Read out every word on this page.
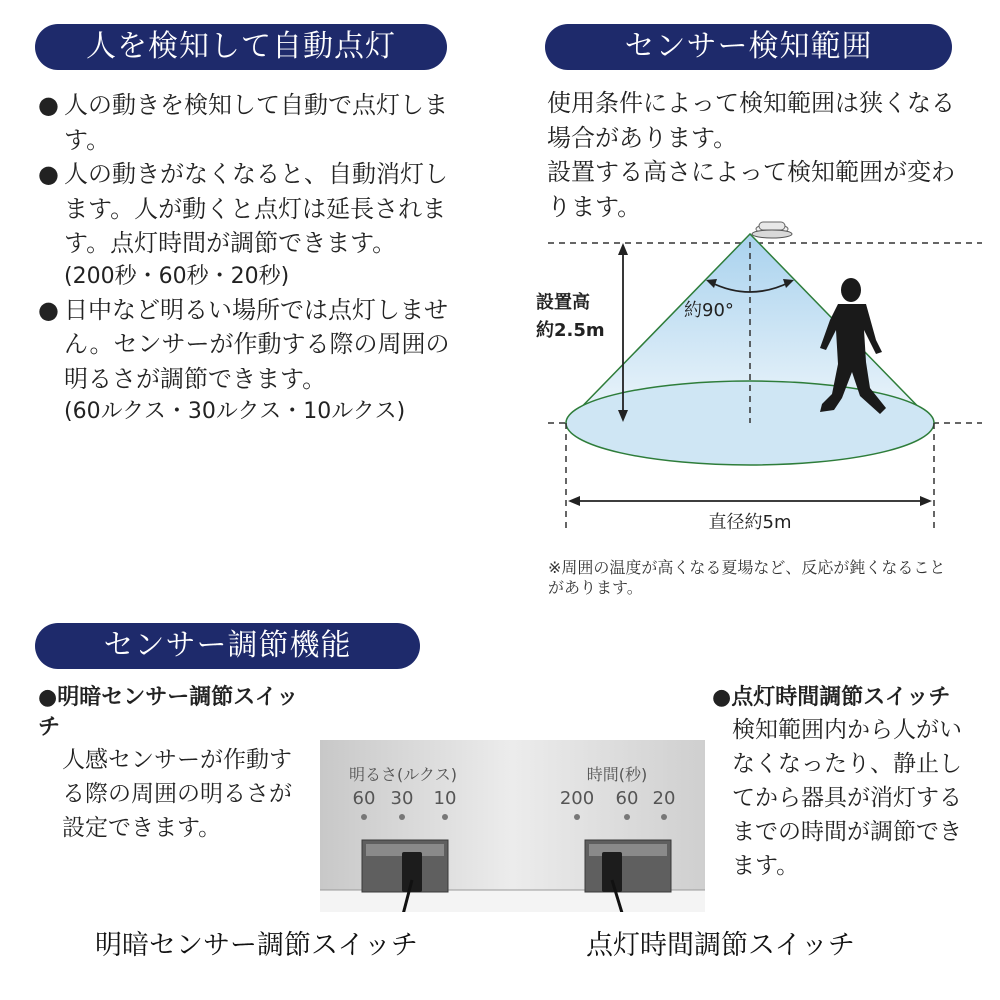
人を検知して自動点灯
● 人の動きを検知して自動で点灯します。
● 人の動きがなくなると、自動消灯します。人が動くと点灯は延長されます。点灯時間が調節できます。
(200秒・60秒・20秒)
● 日中など明るい場所では点灯しません。センサーが作動する際の周囲の明るさが調節できます。
(60ルクス・30ルクス・10ルクス)
センサー検知範囲
使用条件によって検知範囲は狭くなる場合があります。
設置する高さによって検知範囲が変わります。
設置高
約2.5m
約90°
直径約5m
※周囲の温度が高くなる夏場など、反応が鈍くなることがあります。
センサー調節機能
●明暗センサー調節スイッチ
人感センサーが作動する際の周囲の明るさが設定できます。
●点灯時間調節スイッチ
検知範囲内から人がいなくなったり、静止してから器具が消灯するまでの時間が調節できます。
明るさ(ルクス)
60 30 10
時間(秒)
200 60 20
明暗センサー調節スイッチ	点灯時間調節スイッチ
